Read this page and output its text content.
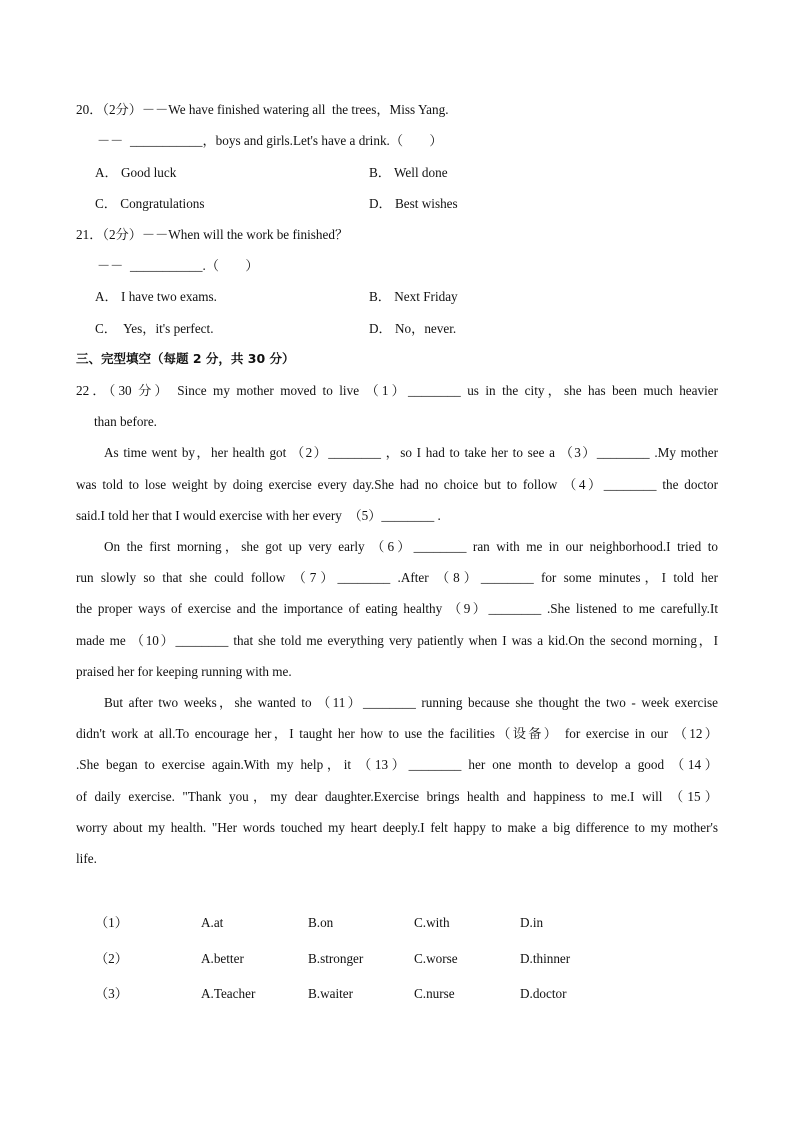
20．（2分）－－We have finished watering all  the trees，Miss Yang.
－－  ___________，boys and girls.Let's have a drink.（        ）
A． Good luck	B． Well done
C． Congratulations	D． Best wishes
21．（2分）－－When will the work be finished？
－－  ___________.（        ）
A． I have two exams.	B． Next Friday
C．  Yes，it's perfect.	D． No，never.
三、完型填空（每题 2 分，共 30 分）
22．（30 分） Since my mother moved to live （1）________ us in the city，she has been much heavier
than before.
As time went by，her health got （2）________ ，so I had to take her to see a （3）________ .My mother
was told to lose weight by doing exercise every day.She had no choice but to follow （4）________ the doctor
said.I told her that I would exercise with her every  （5）________ .
On the first morning，she got up very early （6）________ ran with me in our neighborhood.I tried to
run slowly so that she could follow （7）________ .After （8）________ for some minutes，I told her
the proper ways of exercise and the importance of eating healthy （9）________ .She listened to me carefully.It
made me （10）________ that she told me everything very patiently when I was a kid.On the second morning，I
praised her for keeping running with me.
But after two weeks，she wanted to （11）________ running because she thought the two - week exercise
didn't work at all.To encourage her，I taught her how to use the facilities（设备） for exercise in our （12）
.She began to exercise again.With my help，it （13）________ her one month to develop a good （14）
of daily exercise. "Thank you，my dear daughter.Exercise brings health and happiness to me.I will （15）
worry about my health. "Her words touched my heart deeply.I felt happy to make a big difference to my mother's
life.
（1）	A.at	B.on	C.with	D.in
（2）	A.better	B.stronger	C.worse	D.thinner
（3）	A.Teacher	B.waiter	C.nurse	D.doctor
